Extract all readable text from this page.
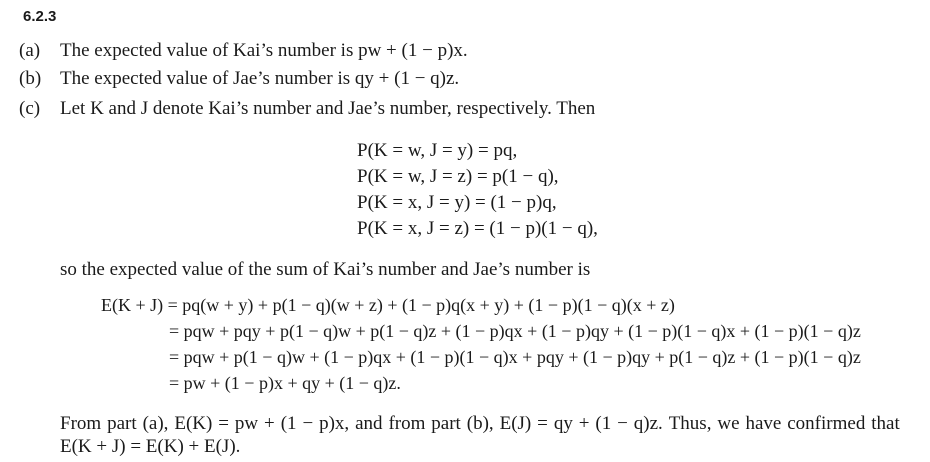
6.2.3
(a) The expected value of Kai’s number is pw + (1 − p)x.
(b) The expected value of Jae’s number is qy + (1 − q)z.
(c) Let K and J denote Kai’s number and Jae’s number, respectively. Then
P(K = w, J = y) = pq,
P(K = w, J = z) = p(1 − q),
P(K = x, J = y) = (1 − p)q,
P(K = x, J = z) = (1 − p)(1 − q),
so the expected value of the sum of Kai’s number and Jae’s number is
E(K + J) = pq(w + y) + p(1 − q)(w + z) + (1 − p)q(x + y) + (1 − p)(1 − q)(x + z)
= pqw + pqy + p(1 − q)w + p(1 − q)z + (1 − p)qx + (1 − p)qy + (1 − p)(1 − q)x + (1 − p)(1 − q)z
= pqw + p(1 − q)w + (1 − p)qx + (1 − p)(1 − q)x + pqy + (1 − p)qy + p(1 − q)z + (1 − p)(1 − q)z
= pw + (1 − p)x + qy + (1 − q)z.
From part (a), E(K) = pw + (1 − p)x, and from part (b), E(J) = qy + (1 − q)z. Thus, we have confirmed that
E(K + J) = E(K) + E(J).
